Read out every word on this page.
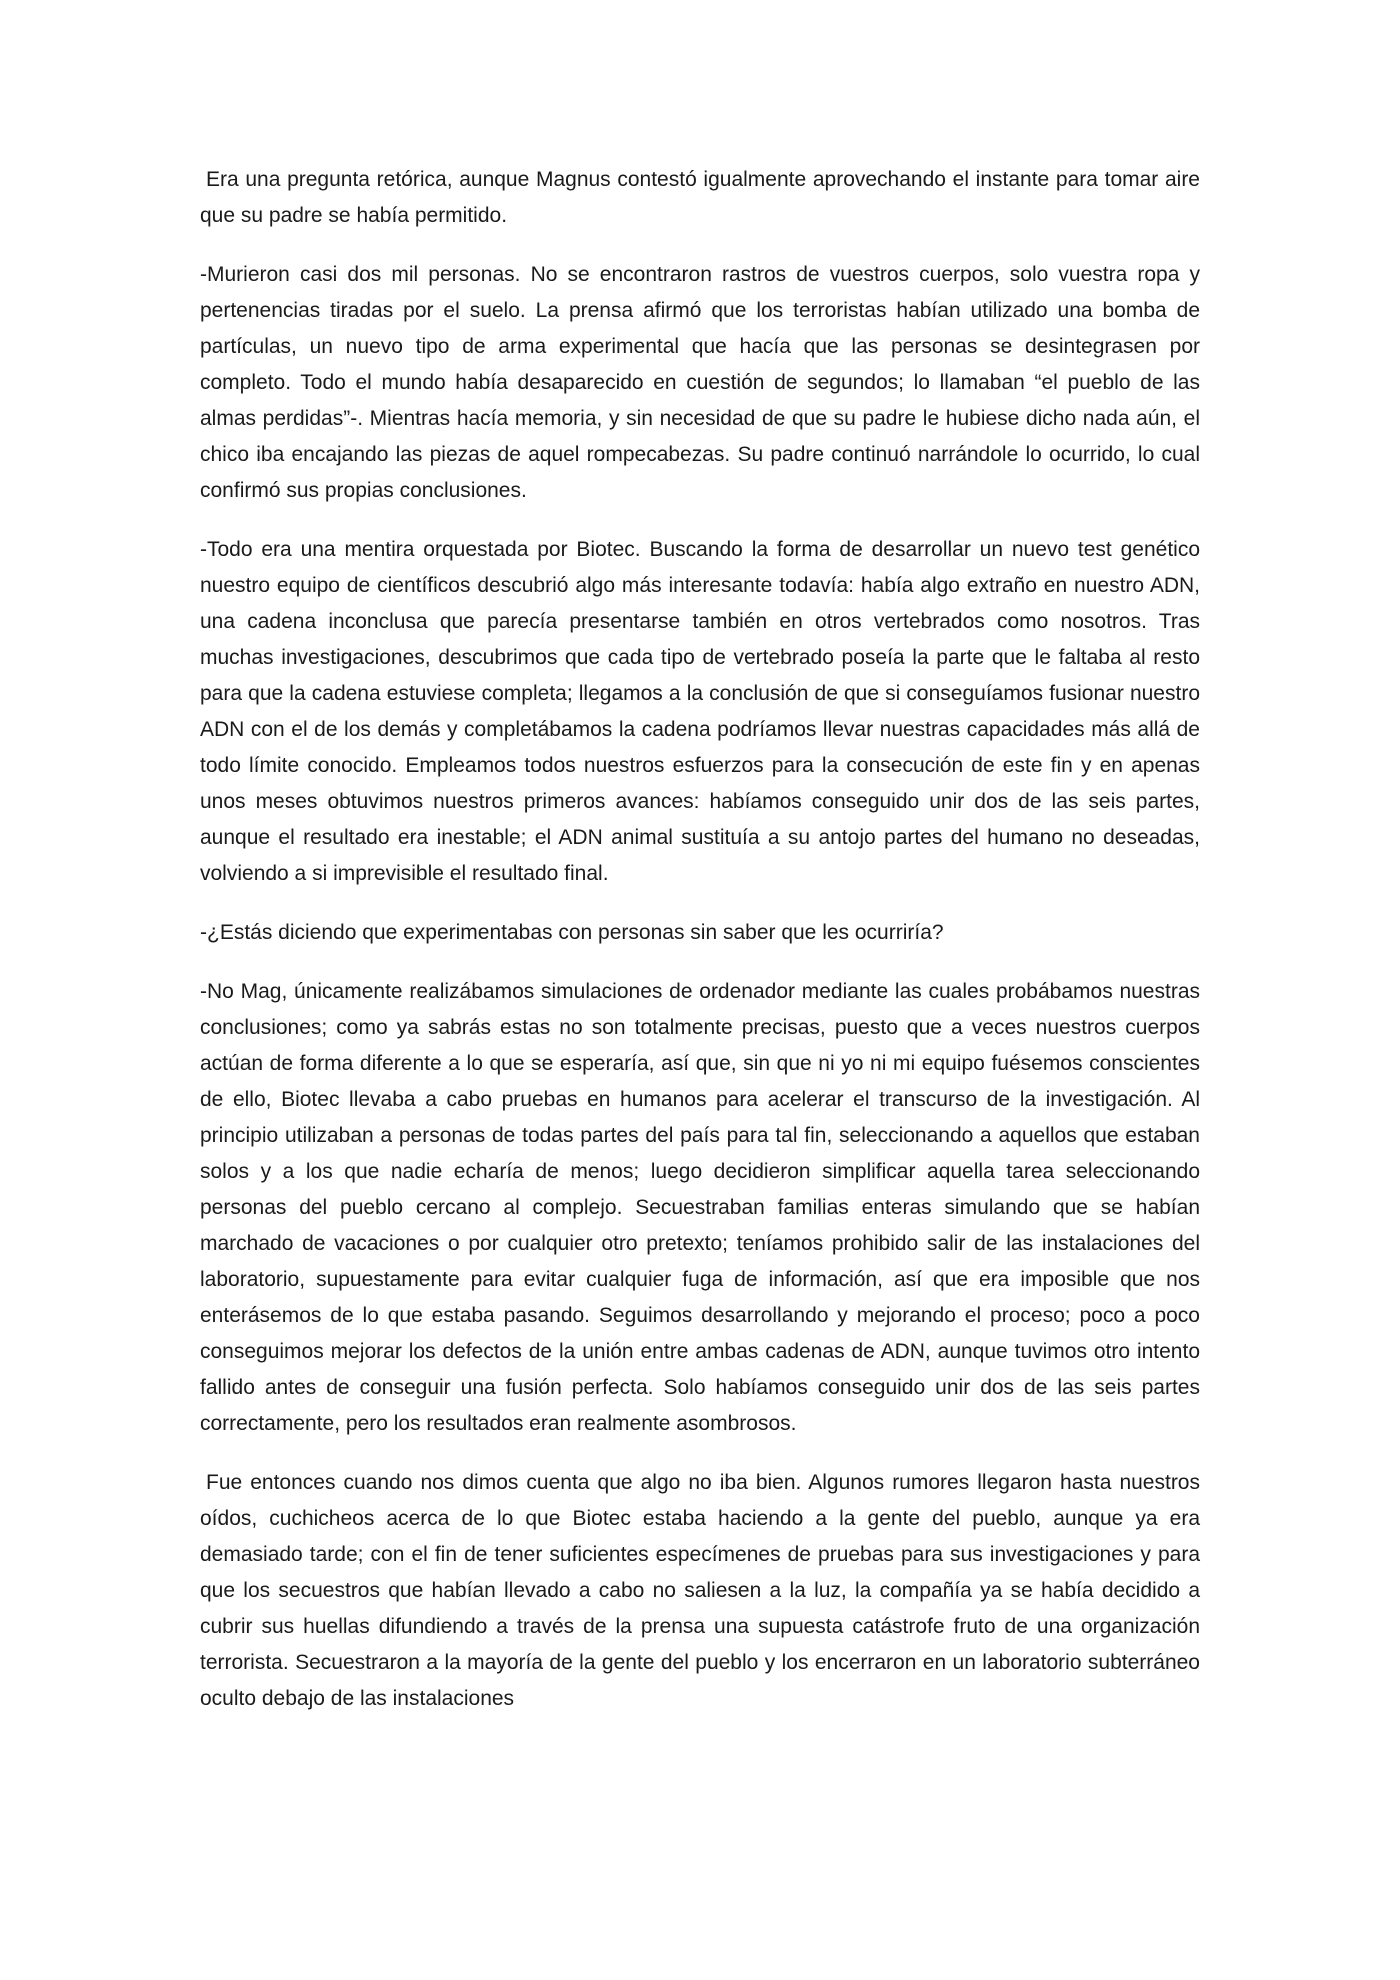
Era una pregunta retórica, aunque Magnus contestó igualmente aprovechando el instante para tomar aire que su padre se había permitido.

-Murieron casi dos mil personas. No se encontraron rastros de vuestros cuerpos, solo vuestra ropa y pertenencias tiradas por el suelo. La prensa afirmó que los terroristas habían utilizado una bomba de partículas, un nuevo tipo de arma experimental que hacía que las personas se desintegrasen por completo. Todo el mundo había desaparecido en cuestión de segundos; lo llamaban “el pueblo de las almas perdidas”-. Mientras hacía memoria, y sin necesidad de que su padre le hubiese dicho nada aún, el chico iba encajando las piezas de aquel rompecabezas. Su padre continuó narrándole lo ocurrido, lo cual confirmó sus propias conclusiones.

-Todo era una mentira orquestada por Biotec. Buscando la forma de desarrollar un nuevo test genético nuestro equipo de científicos descubrió algo más interesante todavía: había algo extraño en nuestro ADN, una cadena inconclusa que parecía presentarse también en otros vertebrados como nosotros. Tras muchas investigaciones, descubrimos que cada tipo de vertebrado poseía la parte que le faltaba al resto para que la cadena estuviese completa; llegamos a la conclusión de que si conseguíamos fusionar nuestro ADN con el de los demás y completábamos la cadena podríamos llevar nuestras capacidades más allá de todo límite conocido. Empleamos todos nuestros esfuerzos para la consecución de este fin y en apenas unos meses obtuvimos nuestros primeros avances: habíamos conseguido unir dos de las seis partes, aunque el resultado era inestable; el ADN animal sustituía a su antojo partes del humano no deseadas, volviendo a si imprevisible el resultado final.

-¿Estás diciendo que experimentabas con personas sin saber que les ocurriría?

-No Mag, únicamente realizábamos simulaciones de ordenador mediante las cuales probábamos nuestras conclusiones; como ya sabrás estas no son totalmente precisas, puesto que a veces nuestros cuerpos actúan de forma diferente a lo que se esperaría, así que, sin que ni yo ni mi equipo fuésemos conscientes de ello, Biotec llevaba a cabo pruebas en humanos para acelerar el transcurso de la investigación. Al principio utilizaban a personas de todas partes del país para tal fin, seleccionando a aquellos que estaban solos y a los que nadie echaría de menos; luego decidieron simplificar aquella tarea seleccionando personas del pueblo cercano al complejo. Secuestraban familias enteras simulando que se habían marchado de vacaciones o por cualquier otro pretexto; teníamos prohibido salir de las instalaciones del laboratorio, supuestamente para evitar cualquier fuga de información, así que era imposible que nos enterásemos de lo que estaba pasando. Seguimos desarrollando y mejorando el proceso; poco a poco conseguimos mejorar los defectos de la unión entre ambas cadenas de ADN, aunque tuvimos otro intento fallido antes de conseguir una fusión perfecta. Solo habíamos conseguido unir dos de las seis partes correctamente, pero los resultados eran realmente asombrosos.

Fue entonces cuando nos dimos cuenta que algo no iba bien. Algunos rumores llegaron hasta nuestros oídos, cuchicheos acerca de lo que Biotec estaba haciendo a la gente del pueblo, aunque ya era demasiado tarde; con el fin de tener suficientes especímenes de pruebas para sus investigaciones y para que los secuestros que habían llevado a cabo no saliesen a la luz, la compañía ya se había decidido a cubrir sus huellas difundiendo a través de la prensa una supuesta catástrofe fruto de una organización terrorista. Secuestraron a la mayoría de la gente del pueblo y los encerraron en un laboratorio subterráneo oculto debajo de las instalaciones
